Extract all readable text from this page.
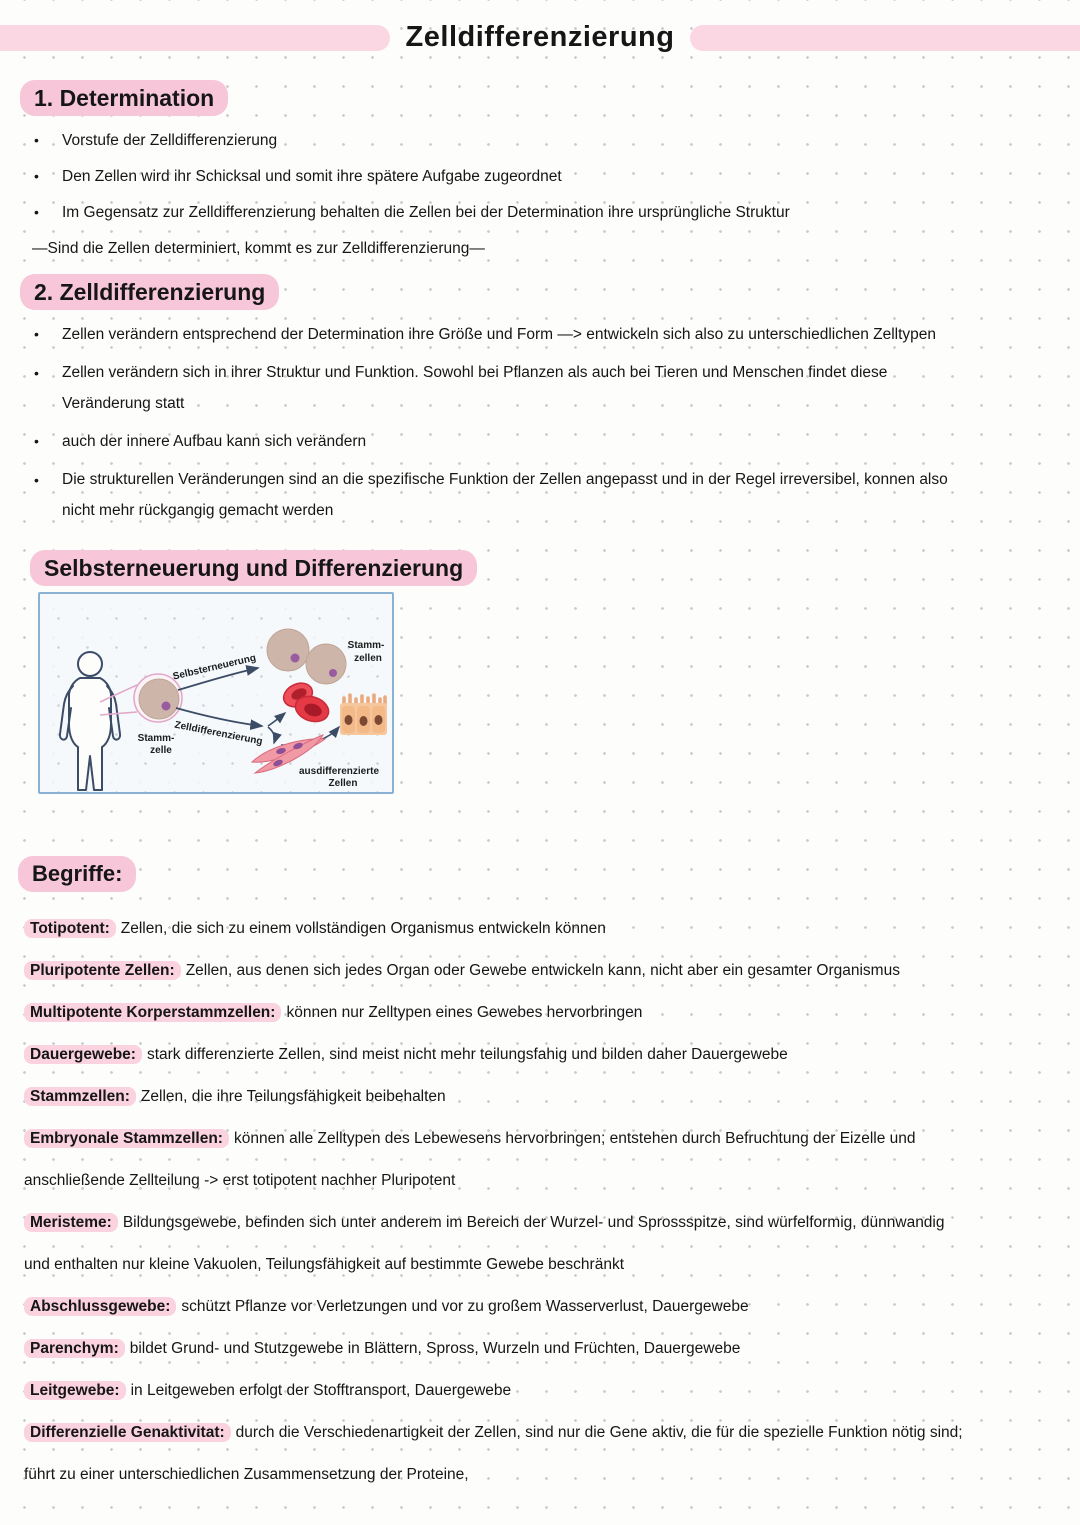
Zelldifferenzierung
1. Determination
•	Vorstufe der Zelldifferenzierung
•	Den Zellen wird ihr Schicksal und somit ihre spätere Aufgabe zugeordnet
•	Im Gegensatz zur Zelldifferenzierung behalten die Zellen bei der Determination ihre ursprüngliche Struktur
—Sind die Zellen determiniert, kommt es zur Zelldifferenzierung—
2. Zelldifferenzierung
•	Zellen verändern entsprechend der Determination ihre Größe und Form —> entwickeln sich also zu unterschiedlichen Zelltypen
•	Zellen verändern sich in ihrer Struktur und Funktion. Sowohl bei Pflanzen als auch bei Tieren und Menschen findet diese
Veränderung statt
•	auch der innere Aufbau kann sich verändern
•	Die strukturellen Veränderungen sind an die spezifische Funktion der Zellen angepasst und in der Regel irreversibel, konnen also
nicht mehr rückgangig gemacht werden
Selbsterneuerung und Differenzierung
Stamm-
zelle
Selbsterneuerung
Stamm-
zellen
Zelldifferenzierung
ausdifferenzierte
Zellen
Begriffe:
Totipotent: Zellen, die sich zu einem vollständigen Organismus entwickeln können
Pluripotente Zellen: Zellen, aus denen sich jedes Organ oder Gewebe entwickeln kann, nicht aber ein gesamter Organismus
Multipotente Korperstammzellen: können nur Zelltypen eines Gewebes hervorbringen
Dauergewebe: stark differenzierte Zellen, sind meist nicht mehr teilungsfahig und bilden daher Dauergewebe
Stammzellen: Zellen, die ihre Teilungsfähigkeit beibehalten
Embryonale Stammzellen: können alle Zelltypen des Lebewesens hervorbringen; entstehen durch Befruchtung der Eizelle und
anschließende Zellteilung -> erst totipotent nachher Pluripotent
Meristeme: Bildungsgewebe, befinden sich unter anderem im Bereich der Wurzel- und Sprossspitze, sind würfelformig, dünnwandig
und enthalten nur kleine Vakuolen, Teilungsfähigkeit auf bestimmte Gewebe beschränkt
Abschlussgewebe: schützt Pflanze vor Verletzungen und vor zu großem Wasserverlust, Dauergewebe
Parenchym: bildet Grund- und Stutzgewebe in Blättern, Spross, Wurzeln und Früchten, Dauergewebe
Leitgewebe: in Leitgeweben erfolgt der Stofftransport, Dauergewebe
Differenzielle Genaktivitat: durch die Verschiedenartigkeit der Zellen, sind nur die Gene aktiv, die für die spezielle Funktion nötig sind;
führt zu einer unterschiedlichen Zusammensetzung der Proteine,
